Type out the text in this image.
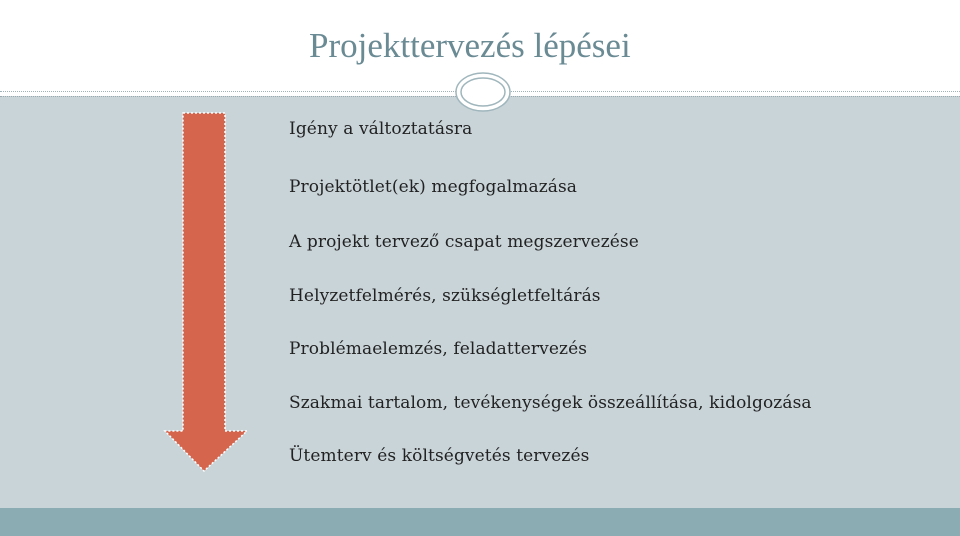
Projekttervezés lépései
Igény a változtatásra
Projektötlet(ek) megfogalmazása
A projekt tervező csapat megszervezése
Helyzetfelmérés, szükségletfeltárás
Problémaelemzés, feladattervezés
Szakmai tartalom, tevékenységek összeállítása, kidolgozása
Ütemterv és költségvetés tervezés
